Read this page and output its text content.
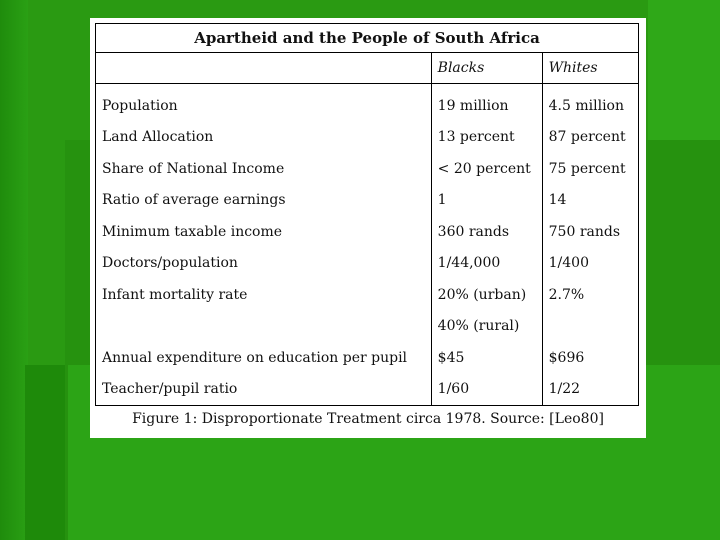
Apartheid and the People of South Africa		
	Blacks	Whites
Population	19 million	4.5 million
Land Allocation	13 percent	87 percent
Share of National Income	< 20 percent	75 percent
Ratio of average earnings	1	14
Minimum taxable income	360 rands	750 rands
Doctors/population	1/44,000	1/400
Infant mortality rate	20% (urban)	2.7%
	40% (rural)	
Annual expenditure on education per pupil	$45	$696
Teacher/pupil ratio	1/60	1/22
Figure 1: Disproportionate Treatment circa 1978. Source: [Leo80]
